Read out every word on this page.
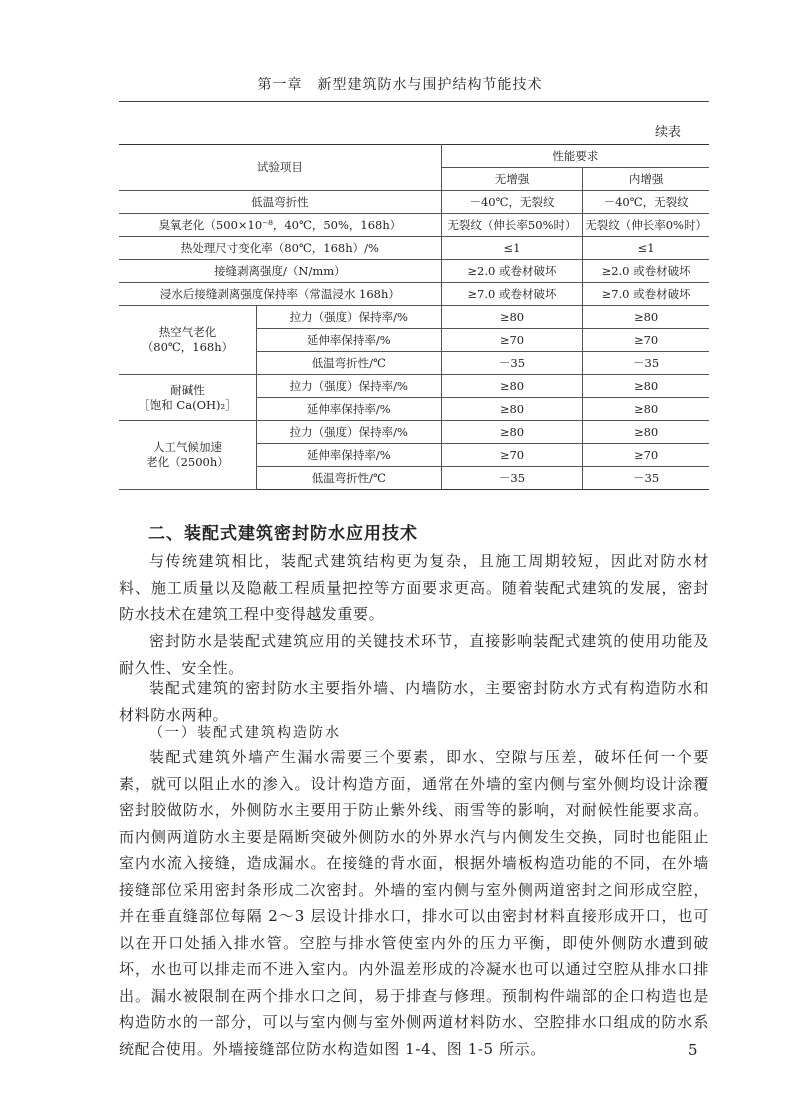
第一章　新型建筑防水与围护结构节能技术
续表
试验项目		性能要求	
		无增强	内增强
低温弯折性		－40℃，无裂纹	－40℃，无裂纹
臭氧老化（500×10⁻⁸，40℃，50%，168h）		无裂纹（伸长率50%时）	无裂纹（伸长率0%时）
热处理尺寸变化率（80℃，168h）/%		≤1	≤1
接缝剥离强度/（N/mm）		≥2.0 或卷材破坏	≥2.0 或卷材破坏
浸水后接缝剥离强度保持率（常温浸水 168h）		≥7.0 或卷材破坏	≥7.0 或卷材破坏

热空气老化
（80℃，168h）	拉力（强度）保持率/%	≥80	≥80
	延伸率保持率/%	≥70	≥70
	低温弯折性/℃	－35	－35

耐碱性
［饱和 Ca(OH)₂］	拉力（强度）保持率/%	≥80	≥80
	延伸率保持率/%	≥80	≥80

人工气候加速
老化（2500h）	拉力（强度）保持率/%	≥80	≥80
	延伸率保持率/%	≥70	≥70
	低温弯折性/℃	－35	－35
二、装配式建筑密封防水应用技术

与传统建筑相比，装配式建筑结构更为复杂，且施工周期较短，因此对防水材料、施工质量以及隐蔽工程质量把控等方面要求更高。随着装配式建筑的发展，密封防水技术在建筑工程中变得越发重要。

密封防水是装配式建筑应用的关键技术环节，直接影响装配式建筑的使用功能及耐久性、安全性。

装配式建筑的密封防水主要指外墙、内墙防水，主要密封防水方式有构造防水和材料防水两种。

（一）装配式建筑构造防水

装配式建筑外墙产生漏水需要三个要素，即水、空隙与压差，破坏任何一个要素，就可以阻止水的渗入。设计构造方面，通常在外墙的室内侧与室外侧均设计涂覆密封胶做防水，外侧防水主要用于防止紫外线、雨雪等的影响，对耐候性能要求高。而内侧两道防水主要是隔断突破外侧防水的外界水汽与内侧发生交换，同时也能阻止室内水流入接缝，造成漏水。在接缝的背水面，根据外墙板构造功能的不同，在外墙接缝部位采用密封条形成二次密封。外墙的室内侧与室外侧两道密封之间形成空腔，并在垂直缝部位每隔 2～3 层设计排水口，排水可以由密封材料直接形成开口，也可以在开口处插入排水管。空腔与排水管使室内外的压力平衡，即使外侧防水遭到破坏，水也可以排走而不进入室内。内外温差形成的冷凝水也可以通过空腔从排水口排出。漏水被限制在两个排水口之间，易于排查与修理。预制构件端部的企口构造也是构造防水的一部分，可以与室内侧与室外侧两道材料防水、空腔排水口组成的防水系统配合使用。外墙接缝部位防水构造如图 1-4、图 1-5 所示。	5
